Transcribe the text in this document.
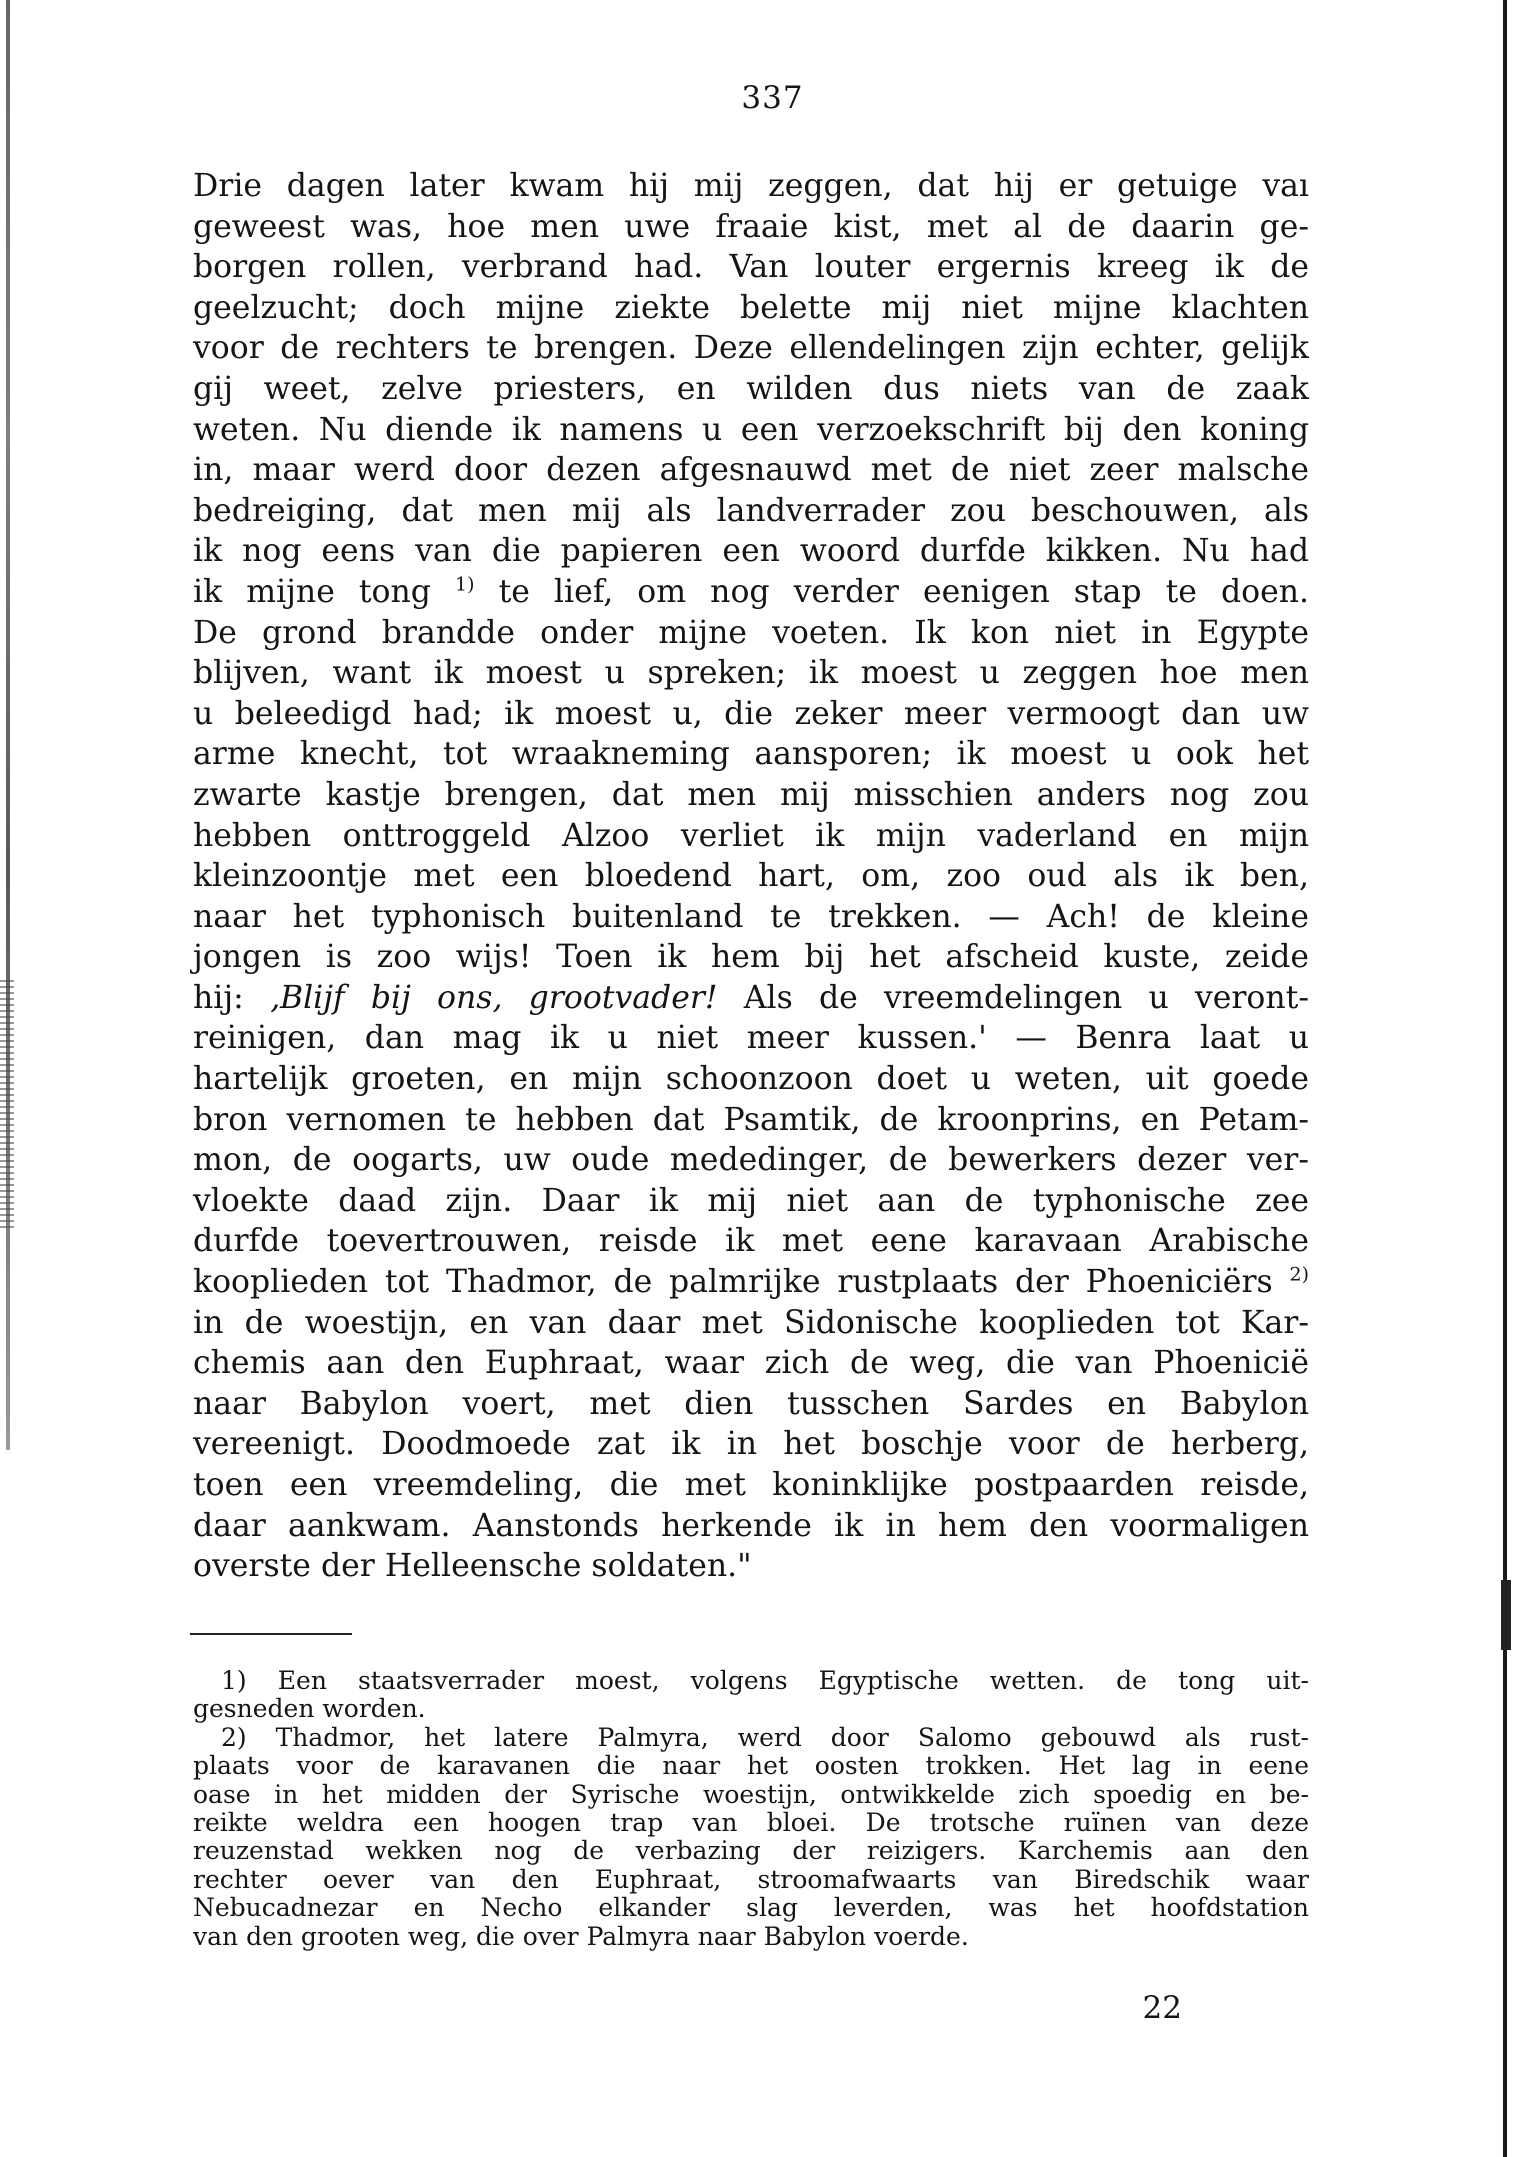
337
Drie dagen later kwam hij mij zeggen, dat hij er getuige vaı
geweest was, hoe men uwe fraaie kist, met al de daarin ge-
borgen rollen, verbrand had. Van louter ergernis kreeg ik de
geelzucht; doch mijne ziekte belette mij niet mijne klachten
voor de rechters te brengen. Deze ellendelingen zijn echter, gelijk
gij weet, zelve priesters, en wilden dus niets van de zaak
weten. Nu diende ik namens u een verzoekschrift bij den koning
in, maar werd door dezen afgesnauwd met de niet zeer malsche
bedreiging, dat men mij als landverrader zou beschouwen, als
ik nog eens van die papieren een woord durfde kikken. Nu had
ik mijne tong $^{1)}$ te lief, om nog verder eenigen stap te doen.
De grond brandde onder mijne voeten. Ik kon niet in Egypte
blijven, want ik moest u spreken; ik moest u zeggen hoe men
u beleedigd had; ik moest u, die zeker meer vermoogt dan uw
arme knecht, tot wraakneming aansporen; ik moest u ook het
zwarte kastje brengen, dat men mij misschien anders nog zou
hebben onttroggeld Alzoo verliet ik mijn vaderland en mijn
kleinzoontje met een bloedend hart, om, zoo oud als ik ben,
naar het typhonisch buitenland te trekken. — Ach! de kleine
jongen is zoo wijs! Toen ik hem bij het afscheid kuste, zeide
hij: ‚Blijf bij ons, grootvader! Als de vreemdelingen u veront-
reinigen, dan mag ik u niet meer kussen.' — Benra laat u
hartelijk groeten, en mijn schoonzoon doet u weten, uit goede
bron vernomen te hebben dat Psamtik, de kroonprins, en Petam-
mon, de oogarts, uw oude mededinger, de bewerkers dezer ver-
vloekte daad zijn. Daar ik mij niet aan de typhonische zee
durfde toevertrouwen, reisde ik met eene karavaan Arabische
kooplieden tot Thadmor, de palmrijke rustplaats der Phoeniciërs $^{2)}$
in de woestijn, en van daar met Sidonische kooplieden tot Kar-
chemis aan den Euphraat, waar zich de weg, die van Phoenicië
naar Babylon voert, met dien tusschen Sardes en Babylon
vereenigt. Doodmoede zat ik in het boschje voor de herberg,
toen een vreemdeling, die met koninklijke postpaarden reisde,
daar aankwam. Aanstonds herkende ik in hem den voormaligen
overste der Helleensche soldaten."
1) Een staatsverrader moest, volgens Egyptische wetten. de tong uit-
gesneden worden.
2) Thadmor, het latere Palmyra, werd door Salomo gebouwd als rust-
plaats voor de karavanen die naar het oosten trokken. Het lag in eene
oase in het midden der Syrische woestijn, ontwikkelde zich spoedig en be-
reikte weldra een hoogen trap van bloei. De trotsche ruïnen van deze
reuzenstad wekken nog de verbazing der reizigers. Karchemis aan den
rechter oever van den Euphraat, stroomafwaarts van Biredschik waar
Nebucadnezar en Necho elkander slag leverden, was het hoofdstation
van den grooten weg, die over Palmyra naar Babylon voerde.
22
